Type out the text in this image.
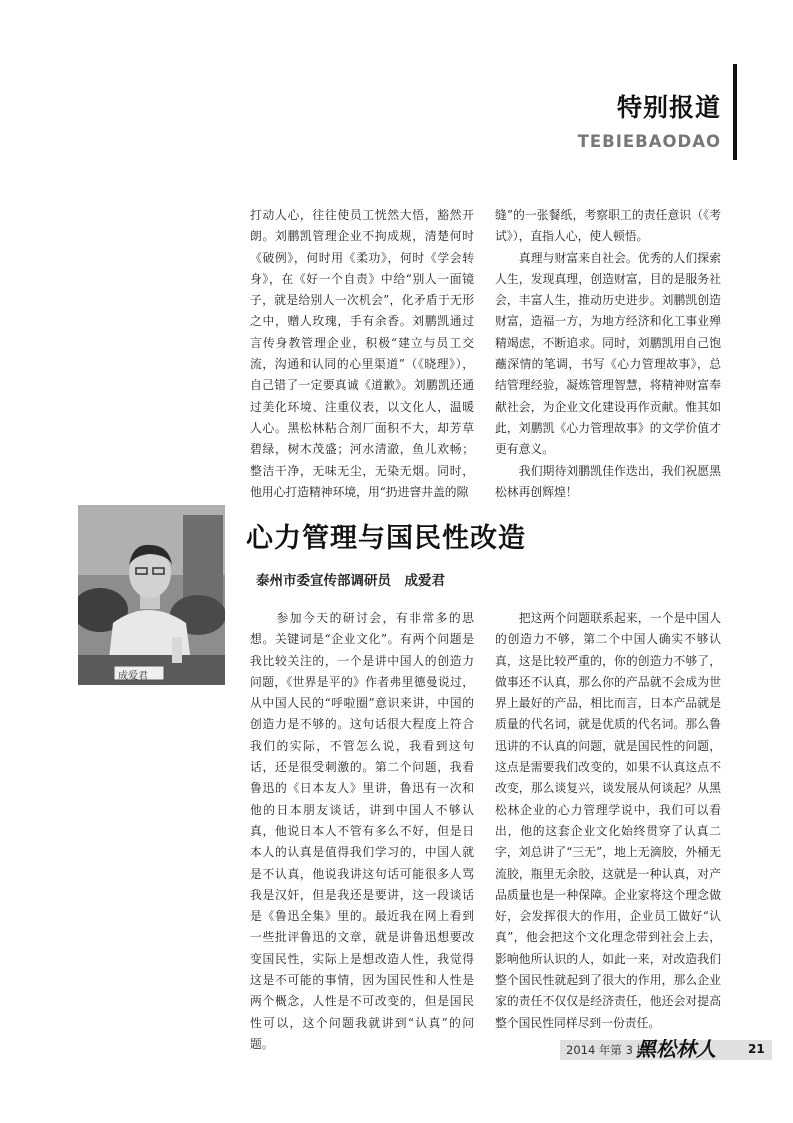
特别报道
TEBIEBAODAO
打动人心，往往使员工恍然大悟，豁然开朗。刘鹏凯管理企业不拘成规，清楚何时《破例》，何时用《柔功》，何时《学会转身》，在《好一个自责》中给“别人一面镜子，就是给别人一次机会”，化矛盾于无形之中，赠人玫瑰，手有余香。刘鹏凯通过言传身教管理企业，积极“建立与员工交流，沟通和认同的心里渠道”（《晓理》），自己错了一定要真诚《道歉》。刘鹏凯还通过美化环境、注重仪表，以文化人，温暖人心。黑松林粘合剂厂面积不大，却芳草碧绿，树木茂盛；河水清澈，鱼儿欢畅；整洁干净，无味无尘，无染无烟。同时，他用心打造精神环境，用“扔进窨井盖的隙
缝”的一张餐纸，考察职工的责任意识（《考试》），直指人心，使人顿悟。
　　真理与财富来自社会。优秀的人们探索人生，发现真理，创造财富，目的是服务社会，丰富人生，推动历史进步。刘鹏凯创造财富，造福一方，为地方经济和化工事业殚精竭虑，不断追求。同时，刘鹏凯用自己饱蘸深情的笔调，书写《心力管理故事》，总结管理经验，凝炼管理智慧，将精神财富奉献社会，为企业文化建设再作贡献。惟其如此，刘鹏凯《心力管理故事》的文学价值才更有意义。
　　我们期待刘鹏凯佳作迭出，我们祝愿黑松林再创辉煌！
成爱君
心力管理与国民性改造
泰州市委宣传部调研员　成爱君
　　参加今天的研讨会，有非常多的思想。关键词是“企业文化”。有两个问题是我比较关注的，一个是讲中国人的创造力问题，《世界是平的》作者弗里德曼说过，从中国人民的“呼啦圈”意识来讲，中国的创造力是不够的。这句话很大程度上符合我们的实际，不管怎么说，我看到这句话，还是很受刺激的。第二个问题，我看鲁迅的《日本友人》里讲，鲁迅有一次和他的日本朋友谈话，讲到中国人不够认真，他说日本人不管有多么不好，但是日本人的认真是值得我们学习的，中国人就是不认真，他说我讲这句话可能很多人骂我是汉奸，但是我还是要讲，这一段谈话是《鲁迅全集》里的。最近我在网上看到一些批评鲁迅的文章，就是讲鲁迅想要改变国民性，实际上是想改造人性，我觉得这是不可能的事情，因为国民性和人性是两个概念，人性是不可改变的，但是国民性可以，这个问题我就讲到“认真”的问题。
　　把这两个问题联系起来，一个是中国人的创造力不够，第二个中国人确实不够认真，这是比较严重的，你的创造力不够了，做事还不认真，那么你的产品就不会成为世界上最好的产品，相比而言，日本产品就是质量的代名词，就是优质的代名词。那么鲁迅讲的不认真的问题，就是国民性的问题，这点是需要我们改变的，如果不认真这点不改变，那么谈复兴，谈发展从何谈起？从黑松林企业的心力管理学说中，我们可以看出，他的这套企业文化始终贯穿了认真二字，刘总讲了“三无”，地上无滴胶，外桶无流胶，瓶里无余胶，这就是一种认真，对产品质量也是一种保障。企业家将这个理念做好，会发挥很大的作用，企业员工做好“认真”，他会把这个文化理念带到社会上去，影响他所认识的人，如此一来，对改造我们整个国民性就起到了很大的作用，那么企业家的责任不仅仅是经济责任，他还会对提高整个国民性同样尽到一份责任。
2014 年第 3 期
黑松林人	21
